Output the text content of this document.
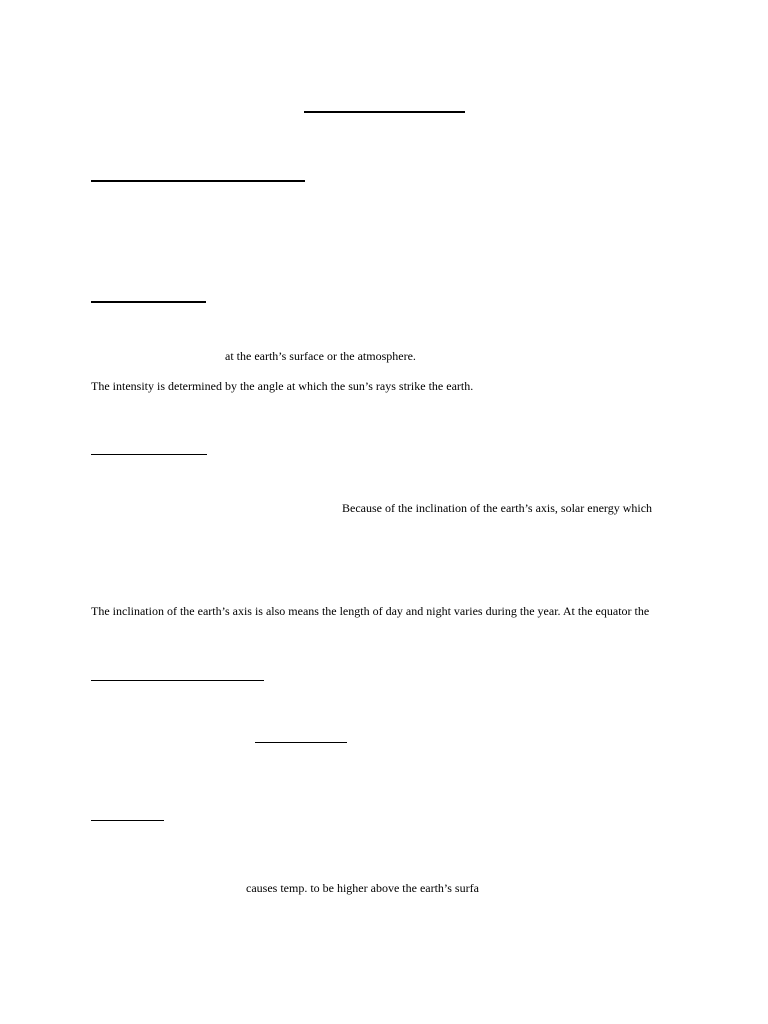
at the earth’s surface or the atmosphere.
The intensity is determined by the angle at which the sun’s rays strike the earth.
Because of the inclination of the earth’s axis, solar energy which
The inclination of the earth’s axis is also means the length of day and night varies during the year. At the equator the
causes temp. to be higher above the earth’s surfa
